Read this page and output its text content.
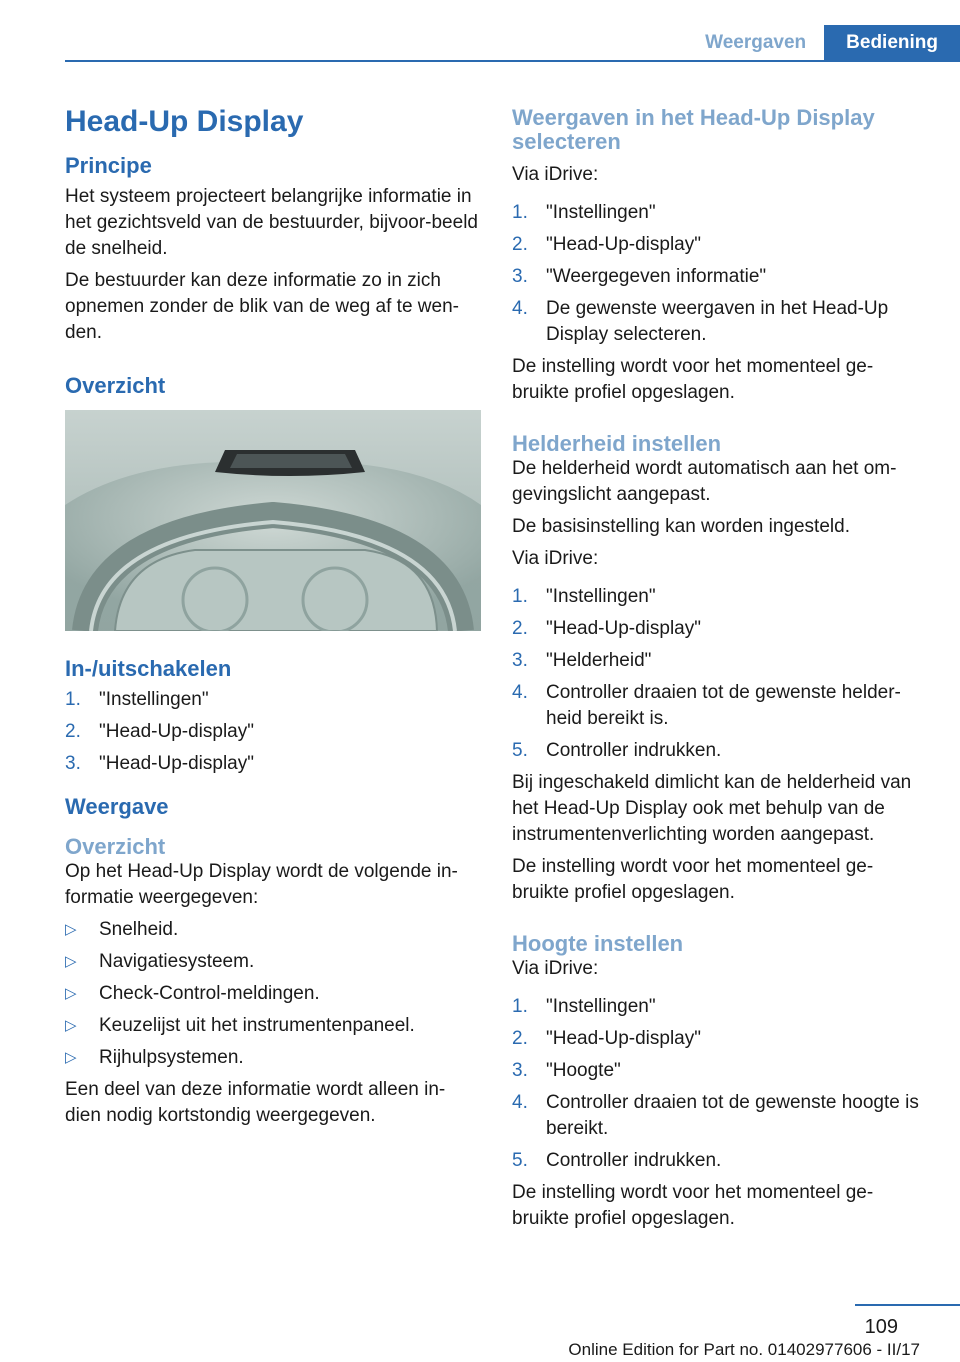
Weergaven	Bediening
Head-Up Display
Principe

Het systeem projecteert belangrijke informatie in het gezichtsveld van de bestuurder, bijvoor‐beeld de snelheid.

De bestuurder kan deze informatie zo in zich opnemen zonder de blik van de weg af te wen‐den.

Overzicht
In-/uitschakelen
1. "Instellingen"
2. "Head-Up-display"
3. "Head-Up-display"
Weergave
Overzicht

Op het Head-Up Display wordt de volgende in‐formatie weergegeven:

▷	Snelheid.
▷	Navigatiesysteem.
▷	Check-Control-meldingen.
▷	Keuzelijst uit het instrumentenpaneel.
▷	Rijhulpsystemen.

Een deel van deze informatie wordt alleen in‐dien nodig kortstondig weergegeven.

Weergaven in het Head-Up Display selecteren

Via iDrive:

1. "Instellingen"
2. "Head-Up-display"
3. "Weergegeven informatie"
4. De gewenste weergaven in het Head-Up Display selecteren.

De instelling wordt voor het momenteel ge‐bruikte profiel opgeslagen.

Helderheid instellen

De helderheid wordt automatisch aan het om‐gevingslicht aangepast.

De basisinstelling kan worden ingesteld.

Via iDrive:

1. "Instellingen"
2. "Head-Up-display"
3. "Helderheid"
4. Controller draaien tot de gewenste helder‐heid bereikt is.
5. Controller indrukken.

Bij ingeschakeld dimlicht kan de helderheid van het Head-Up Display ook met behulp van de instrumentenverlichting worden aangepast.

De instelling wordt voor het momenteel ge‐bruikte profiel opgeslagen.

Hoogte instellen

Via iDrive:

1. "Instellingen"
2. "Head-Up-display"
3. "Hoogte"
4. Controller draaien tot de gewenste hoogte is bereikt.
5. Controller indrukken.

De instelling wordt voor het momenteel ge‐bruikte profiel opgeslagen.

109
Online Edition for Part no. 01402977606 - II/17
